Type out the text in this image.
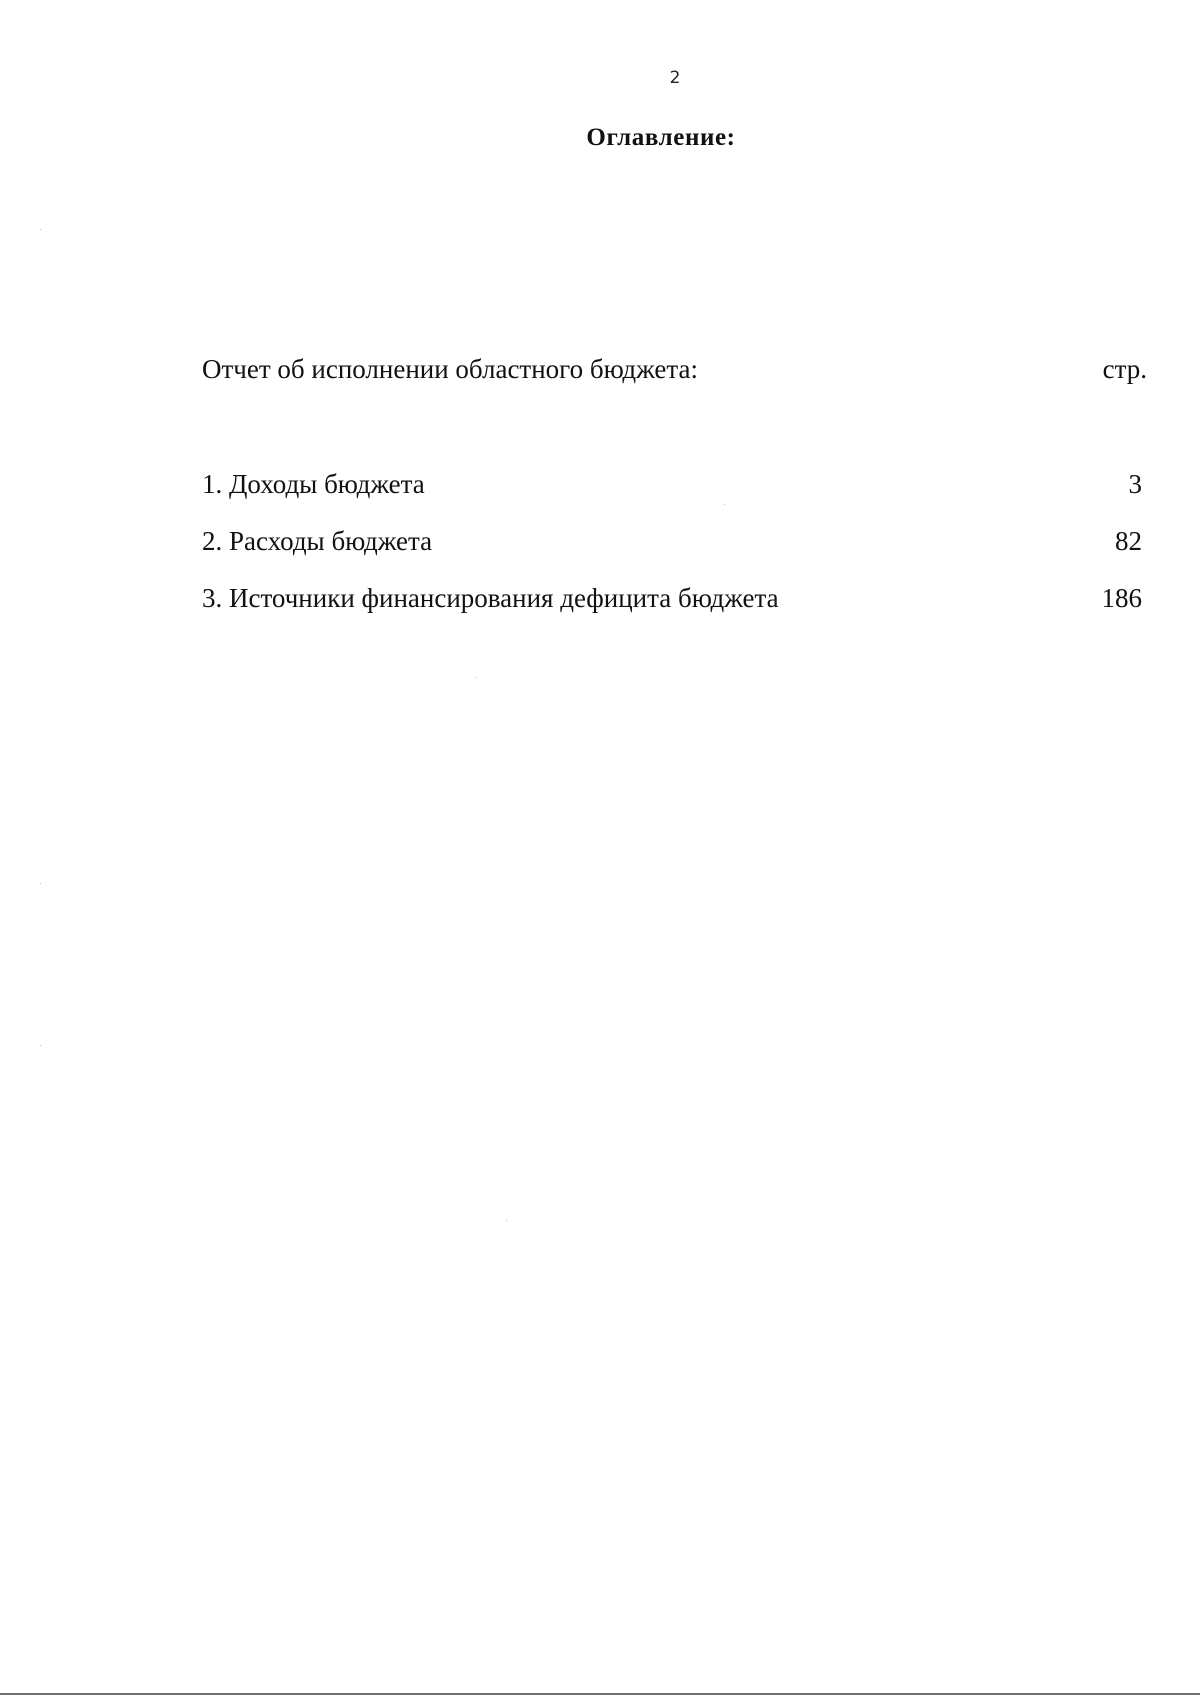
2
Оглавление:
Отчет об исполнении областного бюджета:	стр.
1. Доходы бюджета	3
2. Расходы бюджета	82
3. Источники финансирования дефицита бюджета	186
